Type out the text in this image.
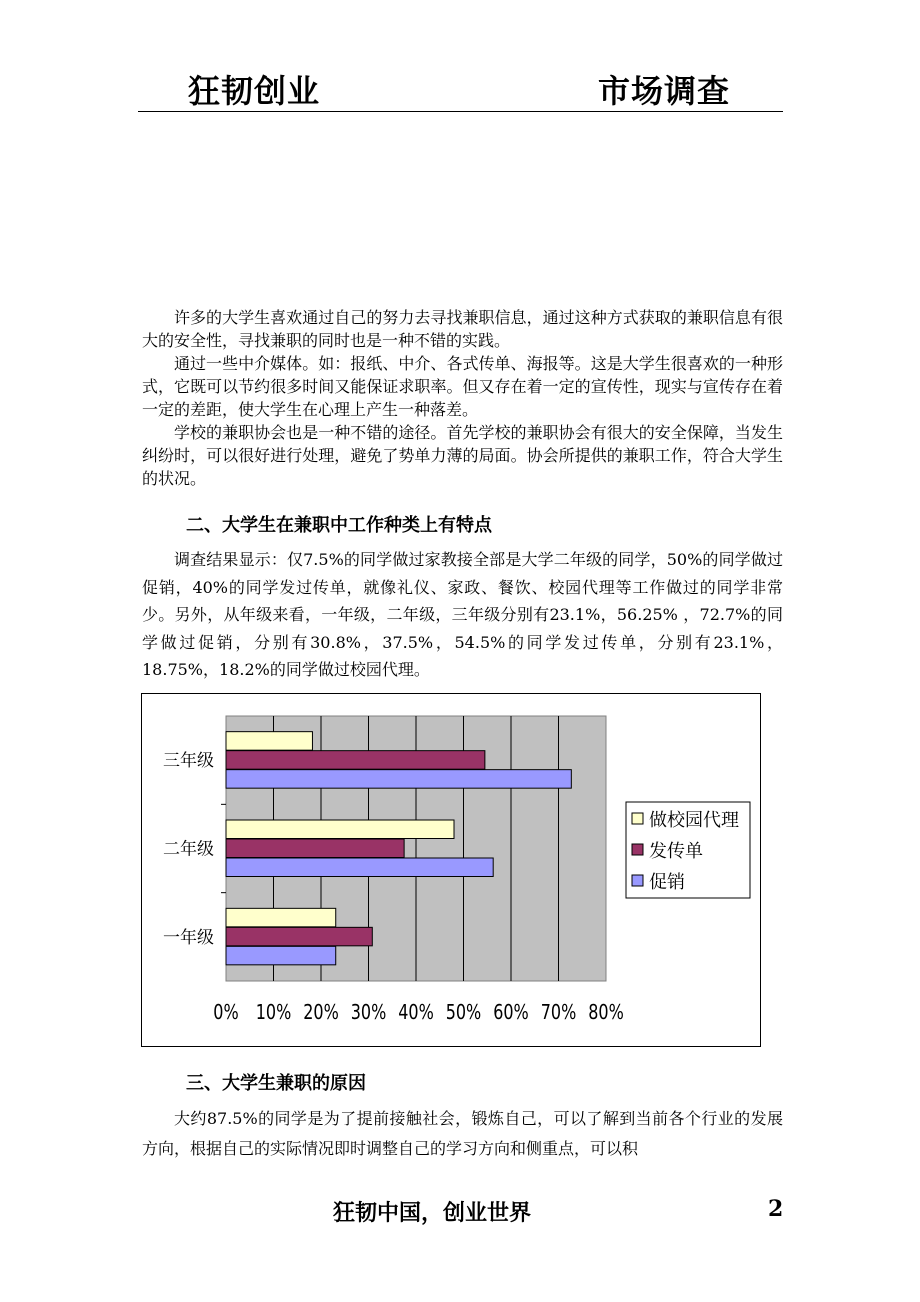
狂韧创业	市场调查

许多的大学生喜欢通过自己的努力去寻找兼职信息，通过这种方式获取的兼职信息有很大的安全性，寻找兼职的同时也是一种不错的实践。

通过一些中介媒体。如：报纸、中介、各式传单、海报等。这是大学生很喜欢的一种形式，它既可以节约很多时间又能保证求职率。但又存在着一定的宣传性，现实与宣传存在着一定的差距，使大学生在心理上产生一种落差。

学校的兼职协会也是一种不错的途径。首先学校的兼职协会有很大的安全保障，当发生纠纷时，可以很好进行处理，避免了势单力薄的局面。协会所提供的兼职工作，符合大学生的状况。

二、大学生在兼职中工作种类上有特点

调查结果显示：仅7.5%的同学做过家教接全部是大学二年级的同学，50%的同学做过促销，40%的同学发过传单，就像礼仪、家政、餐饮、校园代理等工作做过的同学非常少。另外，从年级来看，一年级，二年级，三年级分别有23.1%，56.25% ，72.7%的同学做过促销，分别有30.8%，37.5%，54.5%的同学发过传单，分别有23.1%，18.75%，18.2%的同学做过校园代理。

0% 10% 20% 30% 40% 50% 60% 70% 80%
一年级
二年级
三年级
做校园代理
发传单
促销
三、大学生兼职的原因

大约87.5%的同学是为了提前接触社会，锻炼自己，可以了解到当前各个行业的发展方向，根据自己的实际情况即时调整自己的学习方向和侧重点，可以积

狂韧中国，创业世界	2
